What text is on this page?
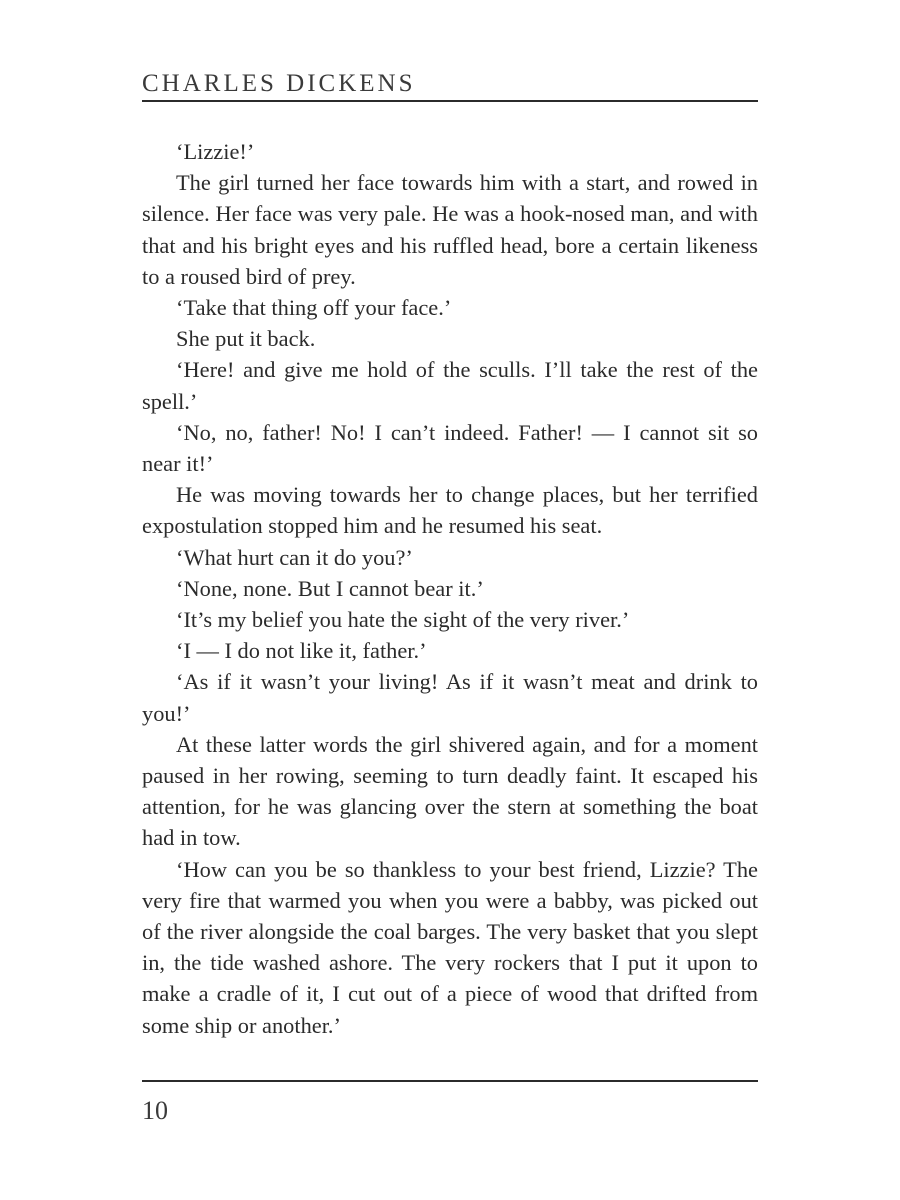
CHARLES DICKENS

‘Lizzie!’

The girl turned her face towards him with a start, and rowed in silence. Her face was very pale. He was a hook-nosed man, and with that and his bright eyes and his ruffled head, bore a certain likeness to a roused bird of prey.

‘Take that thing off your face.’

She put it back.

‘Here! and give me hold of the sculls. I’ll take the rest of the spell.’

‘No, no, father! No! I can’t indeed. Father! — I cannot sit so near it!’

He was moving towards her to change places, but her terrified expostulation stopped him and he resumed his seat.

‘What hurt can it do you?’

‘None, none. But I cannot bear it.’

‘It’s my belief you hate the sight of the very river.’

‘I — I do not like it, father.’

‘As if it wasn’t your living! As if it wasn’t meat and drink to you!’

At these latter words the girl shivered again, and for a moment paused in her rowing, seeming to turn deadly faint. It escaped his attention, for he was glancing over the stern at something the boat had in tow.

‘How can you be so thankless to your best friend, Lizzie? The very fire that warmed you when you were a babby, was picked out of the river alongside the coal barges. The very basket that you slept in, the tide washed ashore. The very rockers that I put it upon to make a cradle of it, I cut out of a piece of wood that drifted from some ship or another.’

10
